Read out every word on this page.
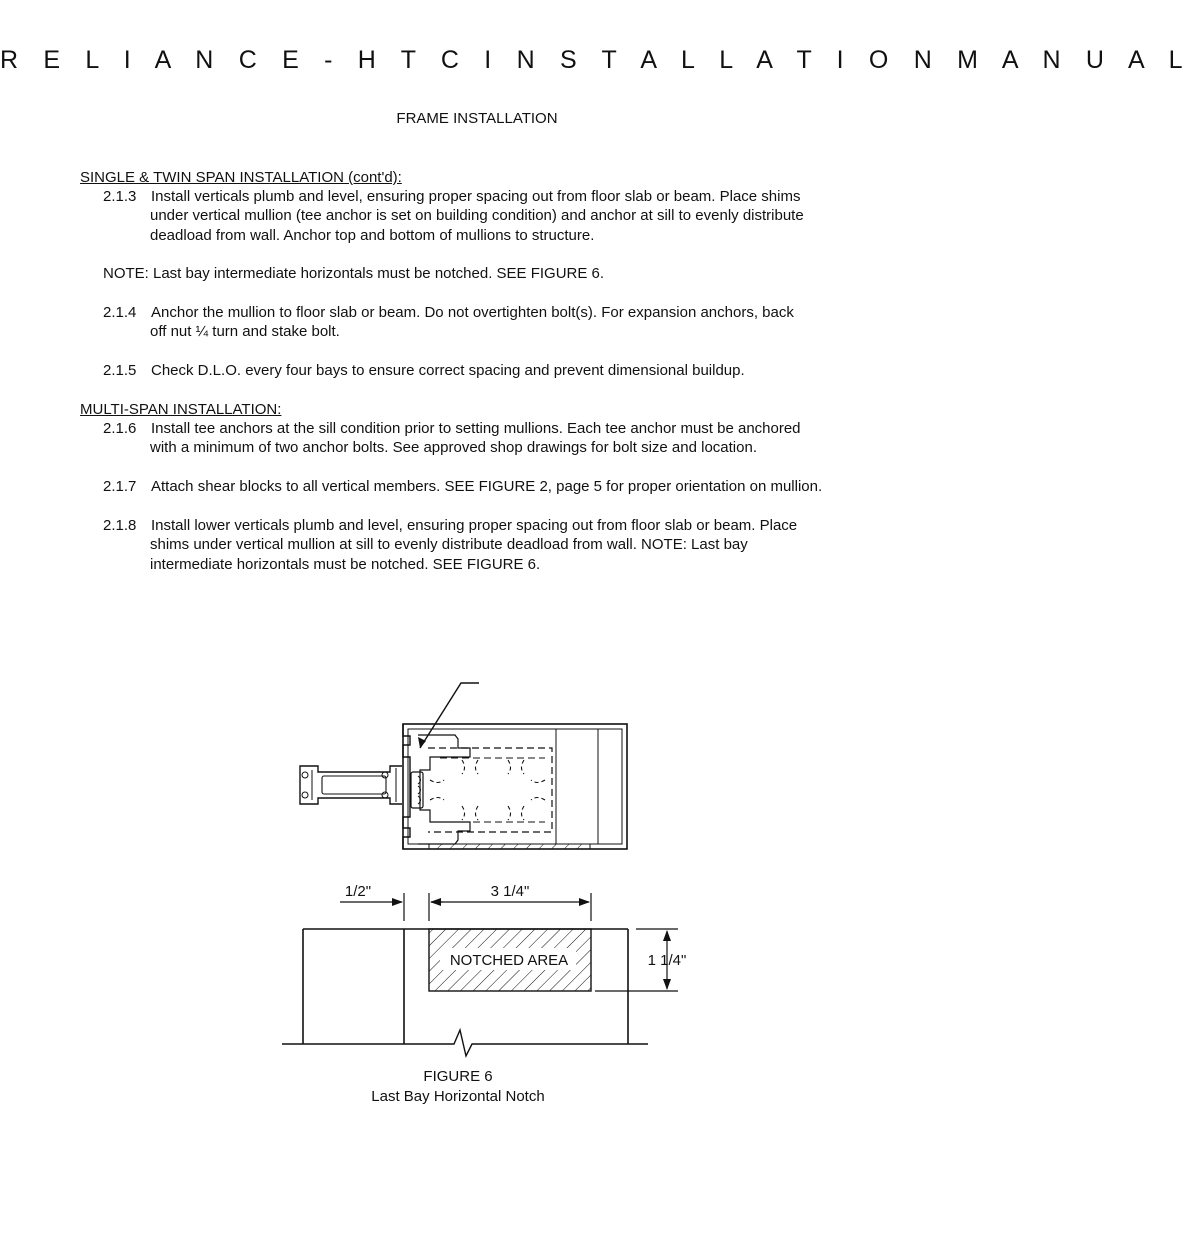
R E L I A N C E - H T C I N S T A L L A T I O N M A N U A L
FRAME INSTALLATION
SINGLE & TWIN SPAN INSTALLATION (cont'd):
2.1.3 Install verticals plumb and level, ensuring proper spacing out from floor slab or beam. Place shims
under vertical mullion (tee anchor is set on building condition) and anchor at sill to evenly distribute
deadload from wall. Anchor top and bottom of mullions to structure.
NOTE: Last bay intermediate horizontals must be notched. SEE FIGURE 6.
2.1.4 Anchor the mullion to floor slab or beam. Do not overtighten bolt(s). For expansion anchors, back
off nut ¼ turn and stake bolt.
2.1.5 Check D.L.O. every four bays to ensure correct spacing and prevent dimensional buildup.
MULTI-SPAN INSTALLATION:
2.1.6 Install tee anchors at the sill condition prior to setting mullions. Each tee anchor must be anchored
with a minimum of two anchor bolts. See approved shop drawings for bolt size and location.
2.1.7 Attach shear blocks to all vertical members. SEE FIGURE 2, page 5 for proper orientation on mullion.
2.1.8 Install lower verticals plumb and level, ensuring proper spacing out from floor slab or beam. Place
shims under vertical mullion at sill to evenly distribute deadload from wall. NOTE: Last bay
intermediate horizontals must be notched. SEE FIGURE 6.
1/2"	3 1/4"
1 1/4"
NOTCHED AREA
FIGURE 6
Last Bay Horizontal Notch
